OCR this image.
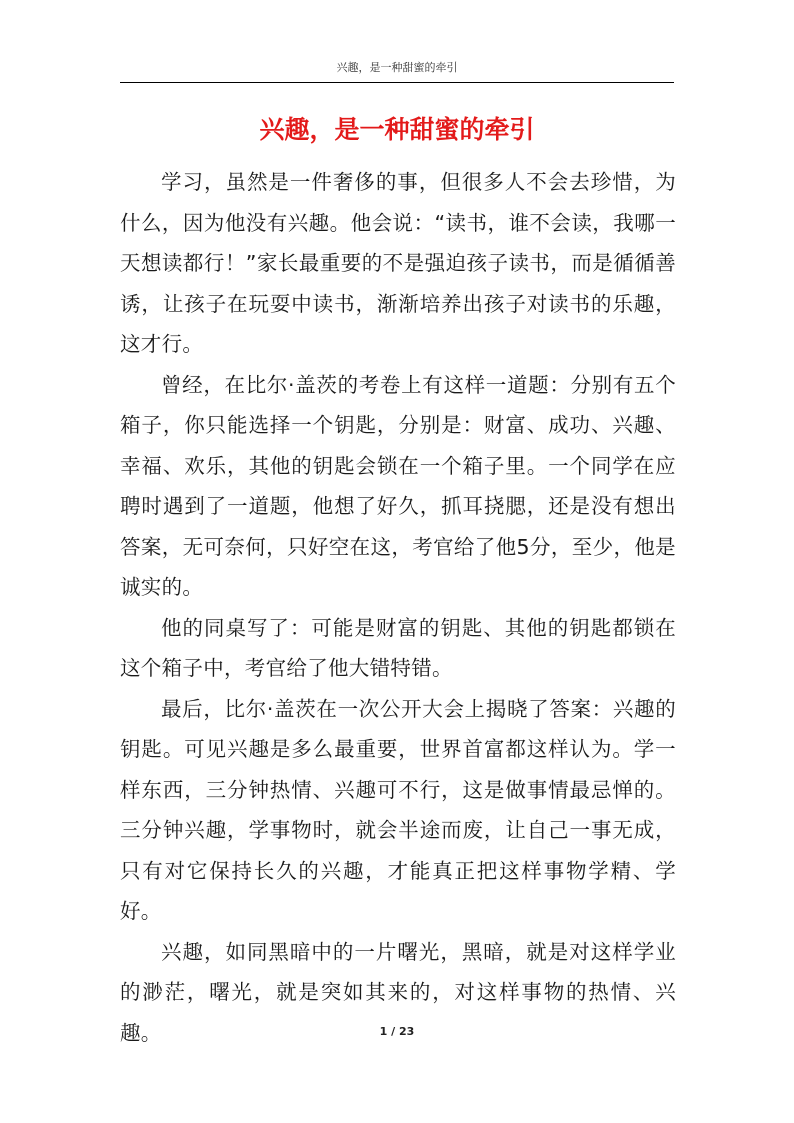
兴趣，是一种甜蜜的牵引
兴趣，是一种甜蜜的牵引

学习，虽然是一件奢侈的事，但很多人不会去珍惜，为什么，因为他没有兴趣。他会说：“读书，谁不会读，我哪一天想读都行！”家长最重要的不是强迫孩子读书，而是循循善诱，让孩子在玩耍中读书，渐渐培养出孩子对读书的乐趣，这才行。

曾经，在比尔·盖茨的考卷上有这样一道题：分别有五个箱子，你只能选择一个钥匙，分别是：财富、成功、兴趣、幸福、欢乐，其他的钥匙会锁在一个箱子里。一个同学在应聘时遇到了一道题，他想了好久，抓耳挠腮，还是没有想出答案，无可奈何，只好空在这，考官给了他5分，至少，他是诚实的。

他的同桌写了：可能是财富的钥匙、其他的钥匙都锁在这个箱子中，考官给了他大错特错。

最后，比尔·盖茨在一次公开大会上揭晓了答案：兴趣的钥匙。可见兴趣是多么最重要，世界首富都这样认为。学一样东西，三分钟热情、兴趣可不行，这是做事情最忌惮的。三分钟兴趣，学事物时，就会半途而废，让自己一事无成，只有对它保持长久的兴趣，才能真正把这样事物学精、学好。

兴趣，如同黑暗中的一片曙光，黑暗，就是对这样学业的渺茫，曙光，就是突如其来的，对这样事物的热情、兴趣。	1 / 23
